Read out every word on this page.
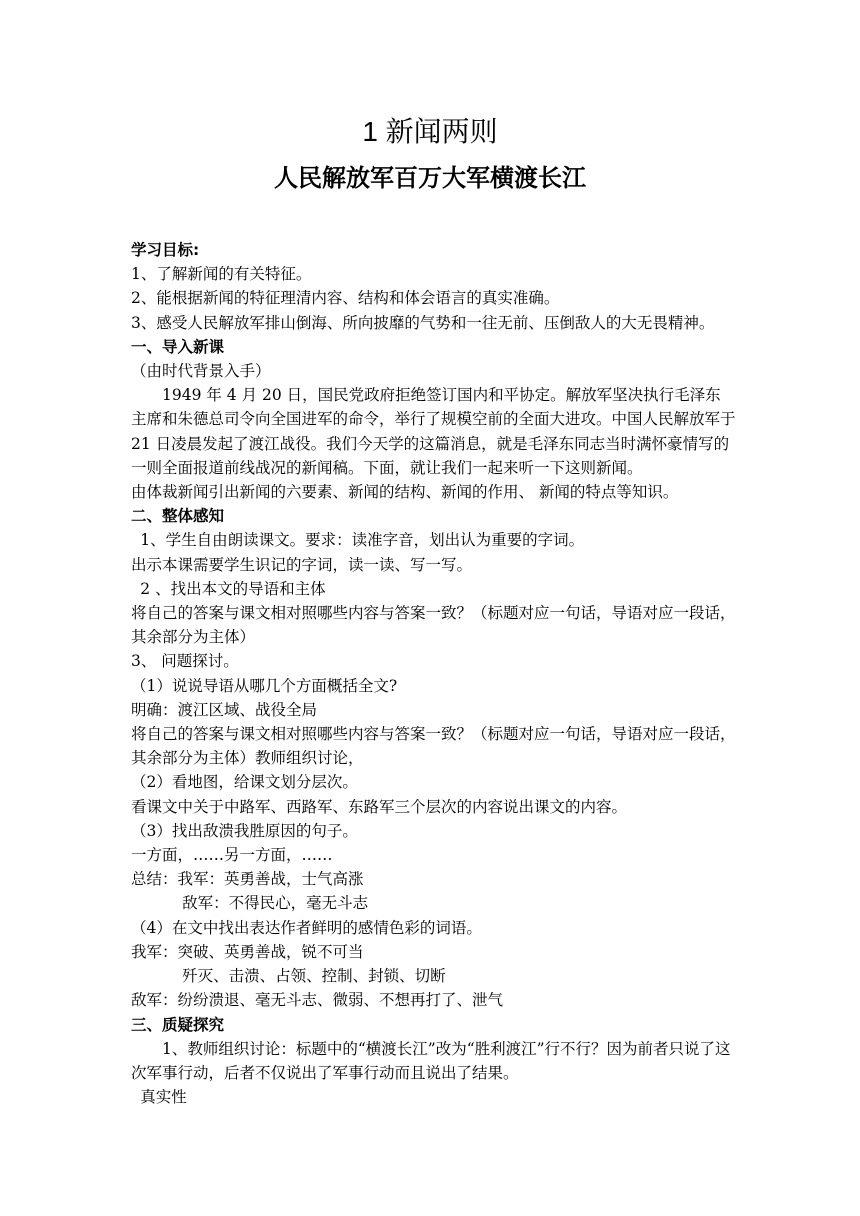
1 新闻两则
人民解放军百万大军横渡长江

学习目标:

1、了解新闻的有关特征。

2、能根据新闻的特征理清内容、结构和体会语言的真实准确。

3、感受人民解放军排山倒海、所向披靡的气势和一往无前、压倒敌人的大无畏精神。

一、导入新课

（由时代背景入手）

1949 年 4 月 20 日，国民党政府拒绝签订国内和平协定。解放军坚决执行毛泽东主席和朱德总司令向全国进军的命令，举行了规模空前的全面大进攻。中国人民解放军于 21 日凌晨发起了渡江战役。我们今天学的这篇消息，就是毛泽东同志当时满怀豪情写的一则全面报道前线战况的新闻稿。下面，就让我们一起来听一下这则新闻。

由体裁新闻引出新闻的六要素、新闻的结构、新闻的作用、 新闻的特点等知识。

二、整体感知

1、学生自由朗读课文。要求：读准字音，划出认为重要的字词。

出示本课需要学生识记的字词，读一读、写一写。

2 、找出本文的导语和主体

将自己的答案与课文相对照哪些内容与答案一致？（标题对应一句话，导语对应一段话，其余部分为主体）

3、 问题探讨。

（1）说说导语从哪几个方面概括全文?

明确：渡江区域、战役全局

将自己的答案与课文相对照哪些内容与答案一致？（标题对应一句话，导语对应一段话，其余部分为主体）教师组织讨论，

（2）看地图，给课文划分层次。

看课文中关于中路军、西路军、东路军三个层次的内容说出课文的内容。

（3）找出敌溃我胜原因的句子。

一方面，……另一方面，……

总结：我军：英勇善战，士气高涨

敌军：不得民心，毫无斗志

（4）在文中找出表达作者鲜明的感情色彩的词语。

我军：突破、英勇善战，锐不可当

歼灭、击溃、占领、控制、封锁、切断

敌军：纷纷溃退、毫无斗志、微弱、不想再打了、泄气

三、质疑探究

1、教师组织讨论：标题中的“横渡长江”改为“胜利渡江”行不行？因为前者只说了这次军事行动，后者不仅说出了军事行动而且说出了结果。

真实性
